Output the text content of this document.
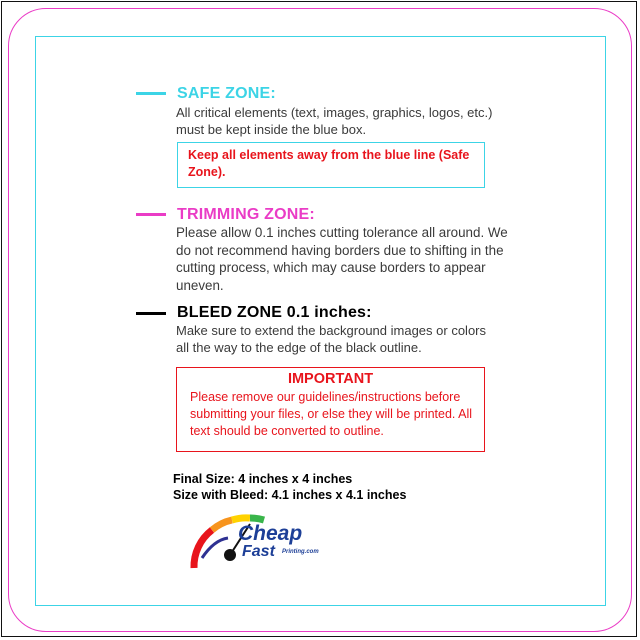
SAFE ZONE:
All critical elements (text, images, graphics, logos, etc.) must be kept inside the blue box.
Keep all elements away from the blue line (Safe Zone).
TRIMMING ZONE:
Please allow 0.1 inches cutting tolerance all around. We do not recommend having borders due to shifting in the cutting process, which may cause borders to appear uneven.
BLEED ZONE 0.1 inches:
Make sure to extend the background images or colors all the way to the edge of the black outline.
IMPORTANT
Please remove our guidelines/instructions before submitting your files, or else they will be printed. All text should be converted to outline.
Final Size: 4 inches x 4 inches
Size with Bleed: 4.1 inches x 4.1 inches
Cheap
Fast Printing.com
